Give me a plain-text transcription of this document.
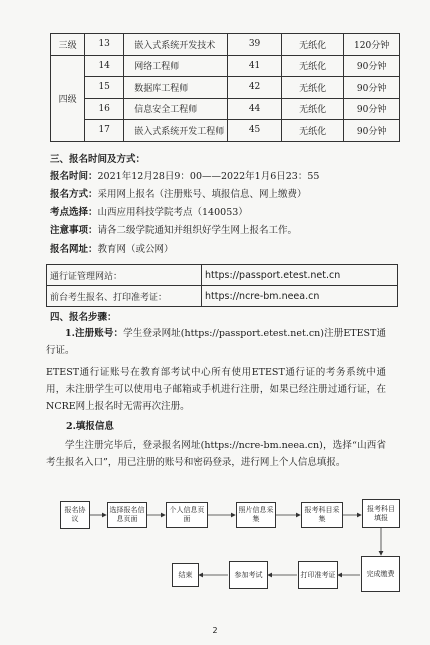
三级	13	嵌入式系统开发技术	39	无纸化	120分钟
四级	14	网络工程师	41	无纸化	90分钟
	15	数据库工程师	42	无纸化	90分钟
	16	信息安全工程师	44	无纸化	90分钟
	17	嵌入式系统开发工程师	45	无纸化	90分钟
三、报名时间及方式：
报名时间：2021年12月28日9：00——2022年1月6日23：55
报名方式：采用网上报名（注册账号、填报信息、网上缴费）
考点选择：山西应用科技学院考点（140053）
注意事项：请各二级学院通知并组织好学生网上报名工作。
报名网址：教育网（或公网）
通行证管理网站：	https://passport.etest.net.cn
前台考生报名、打印准考证：	https://ncre-bm.neea.cn
四、报名步骤：
1.注册账号：学生登录网址(https://passport.etest.net.cn)注册ETEST通行证。
ETEST通行证账号在教育部考试中心所有使用ETEST通行证的考务系统中通用，未注册学生可以使用电子邮箱或手机进行注册，如果已经注册过通行证，在NCRE网上报名时无需再次注册。
2.填报信息
学生注册完毕后，登录报名网址(https://ncre-bm.neea.cn)，选择“山西省考生报名入口”，用已注册的账号和密码登录，进行网上个人信息填报。
报名协议
选择报名信息页面
个人信息页面
照片信息采集
报考科目采集
报考科目填报
结束	参加考试	打印准考证	完成缴费
2
